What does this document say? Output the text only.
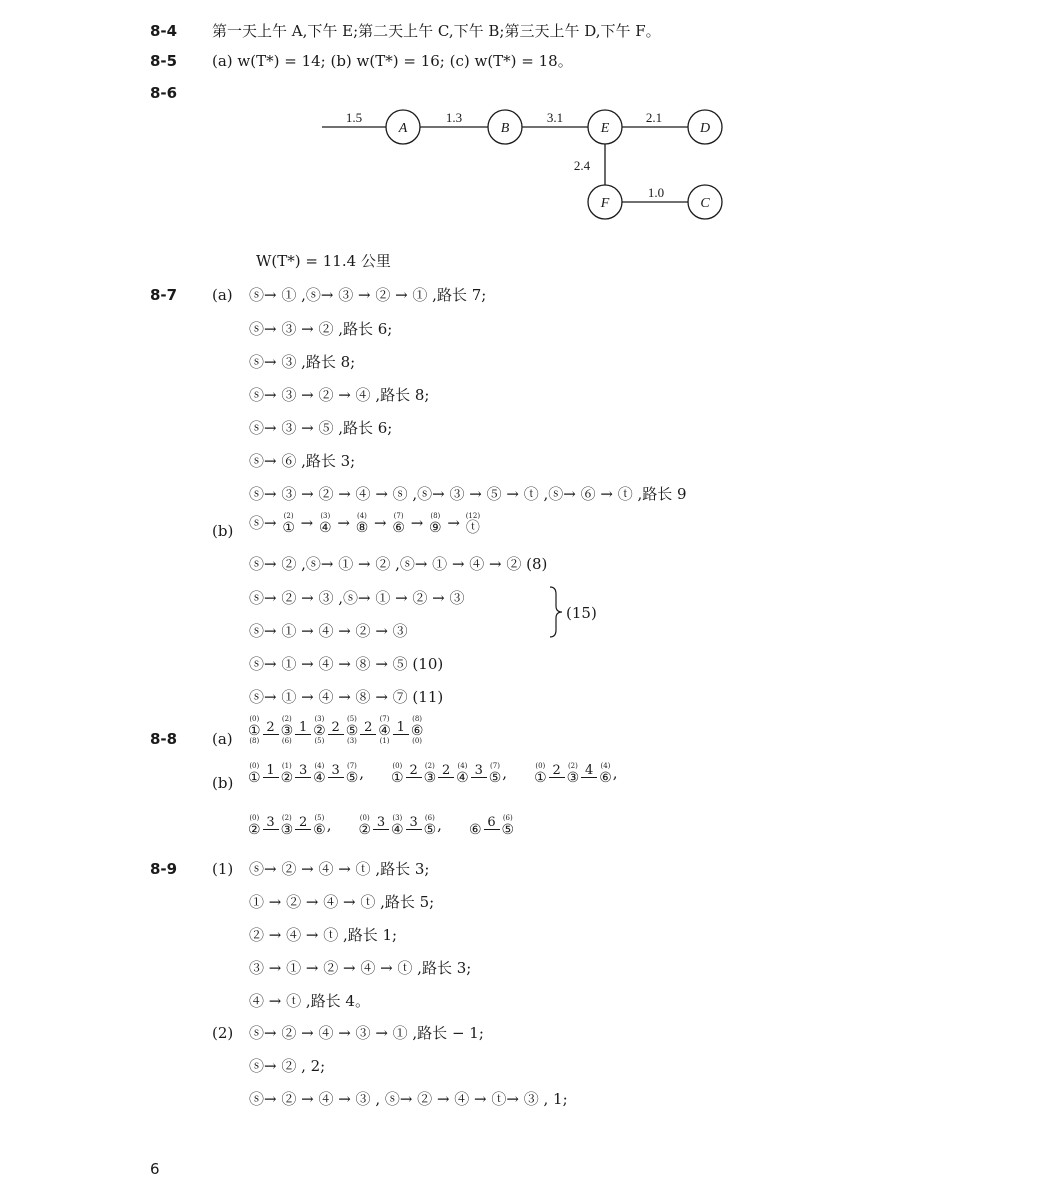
8-4 第一天上午 A,下午 E;第二天上午 C,下午 B;第三天上午 D,下午 F。
8-5 (a) w(T*) = 14; (b) w(T*) = 16; (c) w(T*) = 18。
8-6
A	B	E	D
F	C
1.5	1.3	3.1	2.1
2.4
1.0
W(T*) = 11.4 公里
8-7 (a) ⓢ→ ① ,ⓢ→ ③ → ② → ① ,路长 7;
ⓢ→ ③ → ② ,路长 6;
ⓢ→ ③ ,路长 8;
ⓢ→ ③ → ② → ④ ,路长 8;
ⓢ→ ③ → ⑤ ,路长 6;
ⓢ→ ⑥ ,路长 3;
ⓢ→ ③ → ② → ④ → ⓢ ,ⓢ→ ③ → ⑤ → ⓣ ,ⓢ→ ⑥ → ⓣ ,路长 9
(b) ⓢ→ (2)
① → (3)
④ → (4)
⑧ → (7)
⑥ → (8)
⑨ → (12)
ⓣ
ⓢ→ ② ,ⓢ→ ① → ② ,ⓢ→ ① → ④ → ② (8)
ⓢ→ ② → ③ ,ⓢ→ ① → ② → ③
ⓢ→ ① → ④ → ② → ③
(15)
ⓢ→ ① → ④ → ⑧ → ⑤ (10)
ⓢ→ ① → ④ → ⑧ → ⑦ (11)
8-8 (a)
(0)
①
(8)
2
(2)
③
(6)
1
(3)
②
(5)
2
(5)
⑤
(3)
2
(7)
④
(1)
1
(8)
⑥
(0)
(b)
(0)
① 1 (1)
② 3 (4)
④ 3 (7)
⑤ ,	(0)
① 2 (2)
③ 2 (4)
④ 3 (7)
⑤ ,	(0)
① 2 (2)
③ 4 (4)
⑥ ,
(0)
② 3 (2)
③ 2 (5)
⑥ ,	(0)
② 3 (3)
④ 3 (6)
⑤ , ⑥ 6 (6)
⑤
8-9 (1) ⓢ→ ② → ④ → ⓣ ,路长 3;
① → ② → ④ → ⓣ ,路长 5;
② → ④ → ⓣ ,路长 1;
③ → ① → ② → ④ → ⓣ ,路长 3;
④ → ⓣ ,路长 4。
(2) ⓢ→ ② → ④ → ③ → ① ,路长 − 1;
ⓢ→ ② , 2;
ⓢ→ ② → ④ → ③ , ⓢ→ ② → ④ → ⓣ→ ③ , 1;
6
